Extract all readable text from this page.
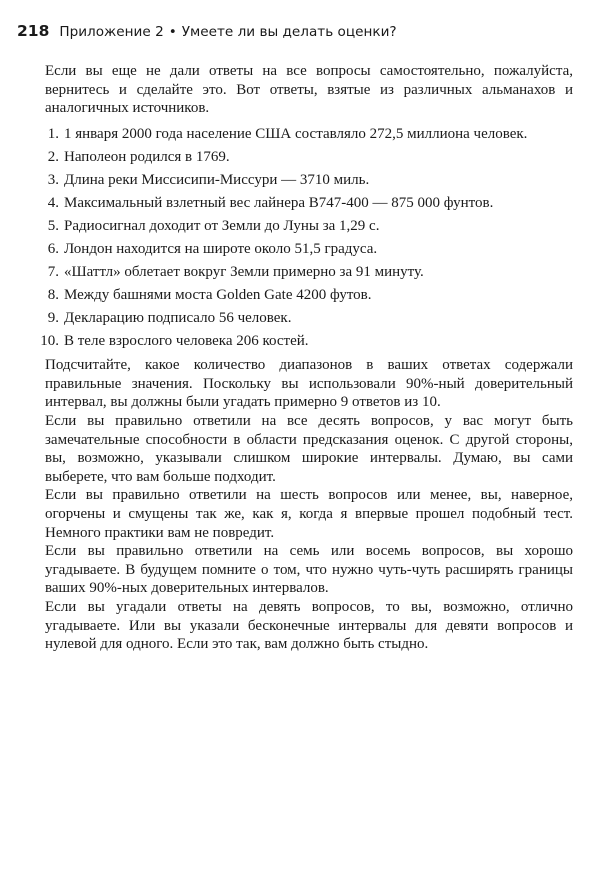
218 Приложение 2 • Умеете ли вы делать оценки?

Если вы еще не дали ответы на все вопросы самостоятельно, пожалуйста, вернитесь и сделайте это. Вот ответы, взятые из различных альманахов и аналогичных источников.

1. 1 января 2000 года население США составляло 272,5 миллиона человек.
2. Наполеон родился в 1769.
3. Длина реки Миссисипи-Миссури — 3710 миль.
4. Максимальный взлетный вес лайнера В747-400 — 875 000 фунтов.
5. Радиосигнал доходит от Земли до Луны за 1,29 с.
6. Лондон находится на широте около 51,5 градуса.
7. «Шаттл» облетает вокруг Земли примерно за 91 минуту.
8. Между башнями моста Golden Gate 4200 футов.
9. Декларацию подписало 56 человек.
10. В теле взрослого человека 206 костей.

Подсчитайте, какое количество диапазонов в ваших ответах содержали правильные значения. Поскольку вы использовали 90%-ный доверительный интервал, вы должны были угадать примерно 9 ответов из 10.

Если вы правильно ответили на все десять вопросов, у вас могут быть замечательные способности в области предсказания оценок. С другой стороны, вы, возможно, указывали слишком широкие интервалы. Думаю, вы сами выберете, что вам больше подходит.

Если вы правильно ответили на шесть вопросов или менее, вы, наверное, огорчены и смущены так же, как я, когда я впервые прошел подобный тест. Немного практики вам не повредит.

Если вы правильно ответили на семь или восемь вопросов, вы хорошо угадываете. В будущем помните о том, что нужно чуть-чуть расширять границы ваших 90%-ных доверительных интервалов.

Если вы угадали ответы на девять вопросов, то вы, возможно, отлично угадываете. Или вы указали бесконечные интервалы для девяти вопросов и нулевой для одного. Если это так, вам должно быть стыдно.
